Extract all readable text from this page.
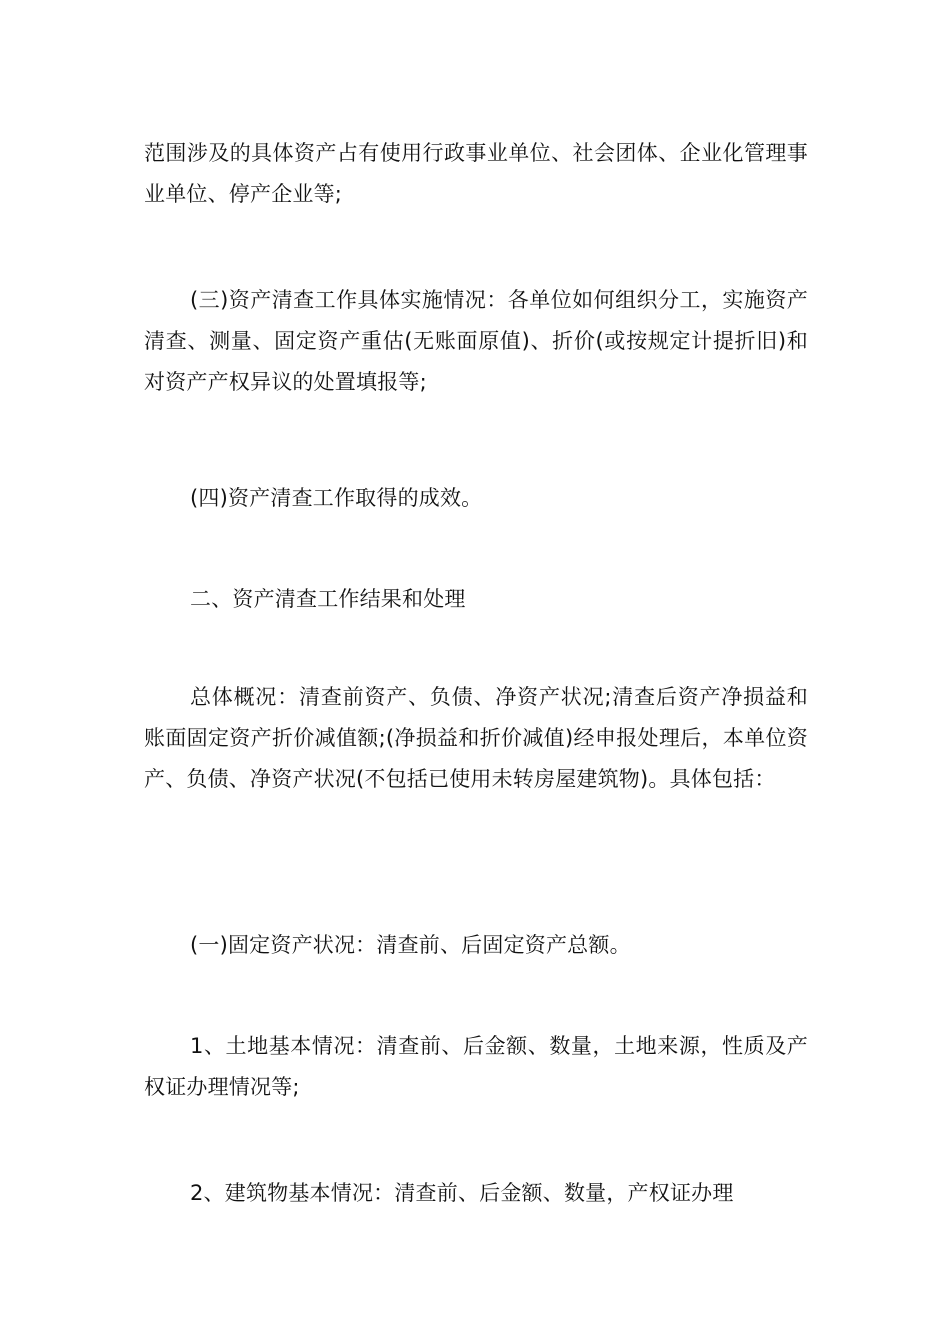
范围涉及的具体资产占有使用行政事业单位、社会团体、企业化管理事业单位、停产企业等;

(三)资产清查工作具体实施情况：各单位如何组织分工，实施资产清查、测量、固定资产重估(无账面原值)、折价(或按规定计提折旧)和对资产产权异议的处置填报等;

(四)资产清查工作取得的成效。

二、资产清查工作结果和处理

总体概况：清查前资产、负债、净资产状况;清查后资产净损益和账面固定资产折价减值额;(净损益和折价减值)经申报处理后，本单位资产、负债、净资产状况(不包括已使用未转房屋建筑物)。具体包括：

(一)固定资产状况：清查前、后固定资产总额。

1、土地基本情况：清查前、后金额、数量，土地来源，性质及产权证办理情况等;

2、建筑物基本情况：清查前、后金额、数量，产权证办理
